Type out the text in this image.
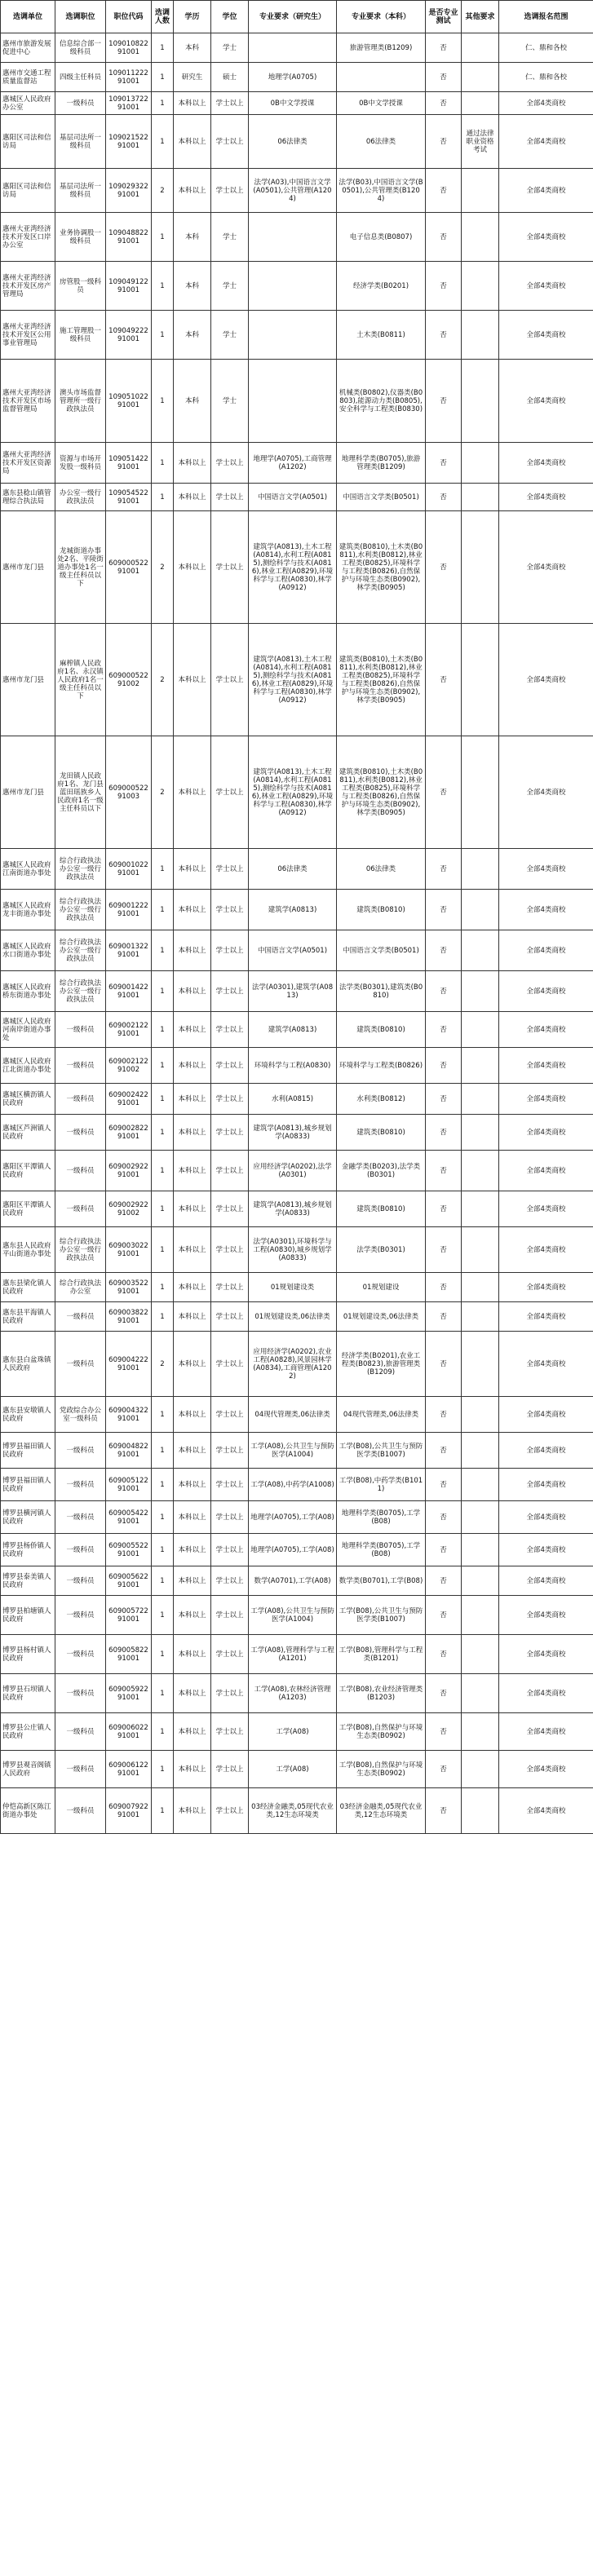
选调单位	选调职位	职位代码	选调人数	学历	学位	专业要求（研究生）	专业要求（本科）	是否专业测试	其他要求	选调报名范围
惠州市旅游发展促进中心	信息综合部一级科员	10901082291001	1	本科	学士		旅游管理类(B1209)	否		仁、鼎和各校
惠州市交通工程质量监督站	四级主任科员	10901122291001	1	研究生	硕士	地理学(A0705)		否		仁、鼎和各校
惠城区人民政府办公室	一级科员	10901372291001	1	本科以上	学士以上	0B中文学授课	0B中文学授课	否		全部4类商校
惠阳区司法和信访局	基层司法所一级科员	10902152291001	1	本科以上	学士以上	06法律类	06法律类	否	通过法律职业资格考试	全部4类商校
惠阳区司法和信访局	基层司法所一级科员	10902932291001	2	本科以上	学士以上	法学(A03),中国语言文学(A0501),公共管理(A1204)	法学(B03),中国语言文学(B0501),公共管理类(B1204)	否		全部4类商校
惠州大亚湾经济技术开发区口岸办公室	业务协调股一级科员	10904882291001	1	本科	学士		电子信息类(B0807)	否		全部4类商校
惠州大亚湾经济技术开发区房产管理局	房管股一级科员	10904912291001	1	本科	学士		经济学类(B0201)	否		全部4类商校
惠州大亚湾经济技术开发区公用事业管理局	施工管理股一级科员	10904922291001	1	本科	学士		土木类(B0811)	否		全部4类商校
惠州大亚湾经济技术开发区市场监督管理局	澳头市场监督管理所一级行政执法员	10905102291001	1	本科	学士		机械类(B0802),仪器类(B0803),能源动力类(B0805),安全科学与工程类(B0830)	否		全部4类商校
惠州大亚湾经济技术开发区资源局	资源与市场开发股一级科员	10905142291001	1	本科以上	学士以上	地理学(A0705),工商管理(A1202)	地理科学类(B0705),旅游管理类(B1209)	否		全部4类商校
惠东县稔山镇管理综合执法局	办公室一级行政执法员	10905452291001	1	本科以上	学士以上	中国语言文学(A0501)	中国语言文学类(B0501)	否		全部4类商校
惠州市龙门县	龙城街道办事处2名、平陵街道办事处1名一级主任科员以下	60900052291001	2	本科以上	学士以上	建筑学(A0813),土木工程(A0814),水利工程(A0815),测绘科学与技术(A0816),林业工程(A0829),环境科学与工程(A0830),林学(A0912)	建筑类(B0810),土木类(B0811),水利类(B0812),林业工程类(B0825),环境科学与工程类(B0826),自然保护与环境生态类(B0902),林学类(B0905)	否		全部4类商校
惠州市龙门县	麻榨镇人民政府1名、永汉镇人民政府1名一级主任科员以下	60900052291002	2	本科以上	学士以上	建筑学(A0813),土木工程(A0814),水利工程(A0815),测绘科学与技术(A0816),林业工程(A0829),环境科学与工程(A0830),林学(A0912)	建筑类(B0810),土木类(B0811),水利类(B0812),林业工程类(B0825),环境科学与工程类(B0826),自然保护与环境生态类(B0902),林学类(B0905)	否		全部4类商校
惠州市龙门县	龙田镇人民政府1名、龙门县蓝田瑶族乡人民政府1名一级主任科员以下	60900052291003	2	本科以上	学士以上	建筑学(A0813),土木工程(A0814),水利工程(A0815),测绘科学与技术(A0816),林业工程(A0829),环境科学与工程(A0830),林学(A0912)	建筑类(B0810),土木类(B0811),水利类(B0812),林业工程类(B0825),环境科学与工程类(B0826),自然保护与环境生态类(B0902),林学类(B0905)	否		全部4类商校
惠城区人民政府江南街道办事处	综合行政执法办公室一级行政执法员	60900102291001	1	本科以上	学士以上	06法律类	06法律类	否		全部4类商校
惠城区人民政府龙丰街道办事处	综合行政执法办公室一级行政执法员	60900122291001	1	本科以上	学士以上	建筑学(A0813)	建筑类(B0810)	否		全部4类商校
惠城区人民政府水口街道办事处	综合行政执法办公室一级行政执法员	60900132291001	1	本科以上	学士以上	中国语言文学(A0501)	中国语言文学类(B0501)	否		全部4类商校
惠城区人民政府桥东街道办事处	综合行政执法办公室一级行政执法员	60900142291001	1	本科以上	学士以上	法学(A0301),建筑学(A0813)	法学类(B0301),建筑类(B0810)	否		全部4类商校
惠城区人民政府河南岸街道办事处	一级科员	60900212291001	1	本科以上	学士以上	建筑学(A0813)	建筑类(B0810)	否		全部4类商校
惠城区人民政府江北街道办事处	一级科员	60900212291002	1	本科以上	学士以上	环境科学与工程(A0830)	环境科学与工程类(B0826)	否		全部4类商校
惠城区横沥镇人民政府	一级科员	60900242291001	1	本科以上	学士以上	水利(A0815)	水利类(B0812)	否		全部4类商校
惠城区芦洲镇人民政府	一级科员	60900282291001	1	本科以上	学士以上	建筑学(A0813),城乡规划学(A0833)	建筑类(B0810)	否		全部4类商校
惠阳区平潭镇人民政府	一级科员	60900292291001	1	本科以上	学士以上	应用经济学(A0202),法学(A0301)	金融学类(B0203),法学类(B0301)	否		全部4类商校
惠阳区平潭镇人民政府	一级科员	60900292291002	1	本科以上	学士以上	建筑学(A0813),城乡规划学(A0833)	建筑类(B0810)	否		全部4类商校
惠东县人民政府平山街道办事处	综合行政执法办公室一级行政执法员	60900302291001	1	本科以上	学士以上	法学(A0301),环境科学与工程(A0830),城乡规划学(A0833)	法学类(B0301)	否		全部4类商校
惠东县梁化镇人民政府	综合行政执法办公室	60900352291001	1	本科以上	学士以上	01规划建设类	01规划建设	否		全部4类商校
惠东县平海镇人民政府	一级科员	60900382291001	1	本科以上	学士以上	01规划建设类,06法律类	01规划建设类,06法律类	否		全部4类商校
惠东县白盆珠镇人民政府	一级科员	60900422291001	2	本科以上	学士以上	应用经济学(A0202),农业工程(A0828),风景园林学(A0834),工商管理(A1202)	经济学类(B0201),农业工程类(B0823),旅游管理类(B1209)	否		全部4类商校
惠东县安墩镇人民政府	党政综合办公室一级科员	60900432291001	1	本科以上	学士以上	04现代管理类,06法律类	04现代管理类,06法律类	否		全部4类商校
博罗县福田镇人民政府	一级科员	60900482291001	1	本科以上	学士以上	工学(A08),公共卫生与预防医学(A1004)	工学(B08),公共卫生与预防医学类(B1007)	否		全部4类商校
博罗县福田镇人民政府	一级科员	60900512291001	1	本科以上	学士以上	工学(A08),中药学(A1008)	工学(B08),中药学类(B1011)	否		全部4类商校
博罗县横河镇人民政府	一级科员	60900542291001	1	本科以上	学士以上	地理学(A0705),工学(A08)	地理科学类(B0705),工学(B08)	否		全部4类商校
博罗县杨侨镇人民政府	一级科员	60900552291001	1	本科以上	学士以上	地理学(A0705),工学(A08)	地理科学类(B0705),工学(B08)	否		全部4类商校
博罗县泰美镇人民政府	一级科员	60900562291001	1	本科以上	学士以上	数学(A0701),工学(A08)	数学类(B0701),工学(B08)	否		全部4类商校
博罗县柏塘镇人民政府	一级科员	60900572291001	1	本科以上	学士以上	工学(A08),公共卫生与预防医学(A1004)	工学(B08),公共卫生与预防医学类(B1007)	否		全部4类商校
博罗县杨村镇人民政府	一级科员	60900582291001	1	本科以上	学士以上	工学(A08),管理科学与工程(A1201)	工学(B08),管理科学与工程类(B1201)	否		全部4类商校
博罗县石坝镇人民政府	一级科员	60900592291001	1	本科以上	学士以上	工学(A08),农林经济管理(A1203)	工学(B08),农业经济管理类(B1203)	否		全部4类商校
博罗县公庄镇人民政府	一级科员	60900602291001	1	本科以上	学士以上	工学(A08)	工学(B08),自然保护与环境生态类(B0902)	否		全部4类商校
博罗县观音阁镇人民政府	一级科员	60900612291001	1	本科以上	学士以上	工学(A08)	工学(B08),自然保护与环境生态类(B0902)	否		全部4类商校
仲恺高新区陈江街道办事处	一级科员	60900792291001	1	本科以上	学士以上	03经济金融类,05现代农业类,12生态环境类	03经济金融类,05现代农业类,12生态环境类	否		全部4类商校
